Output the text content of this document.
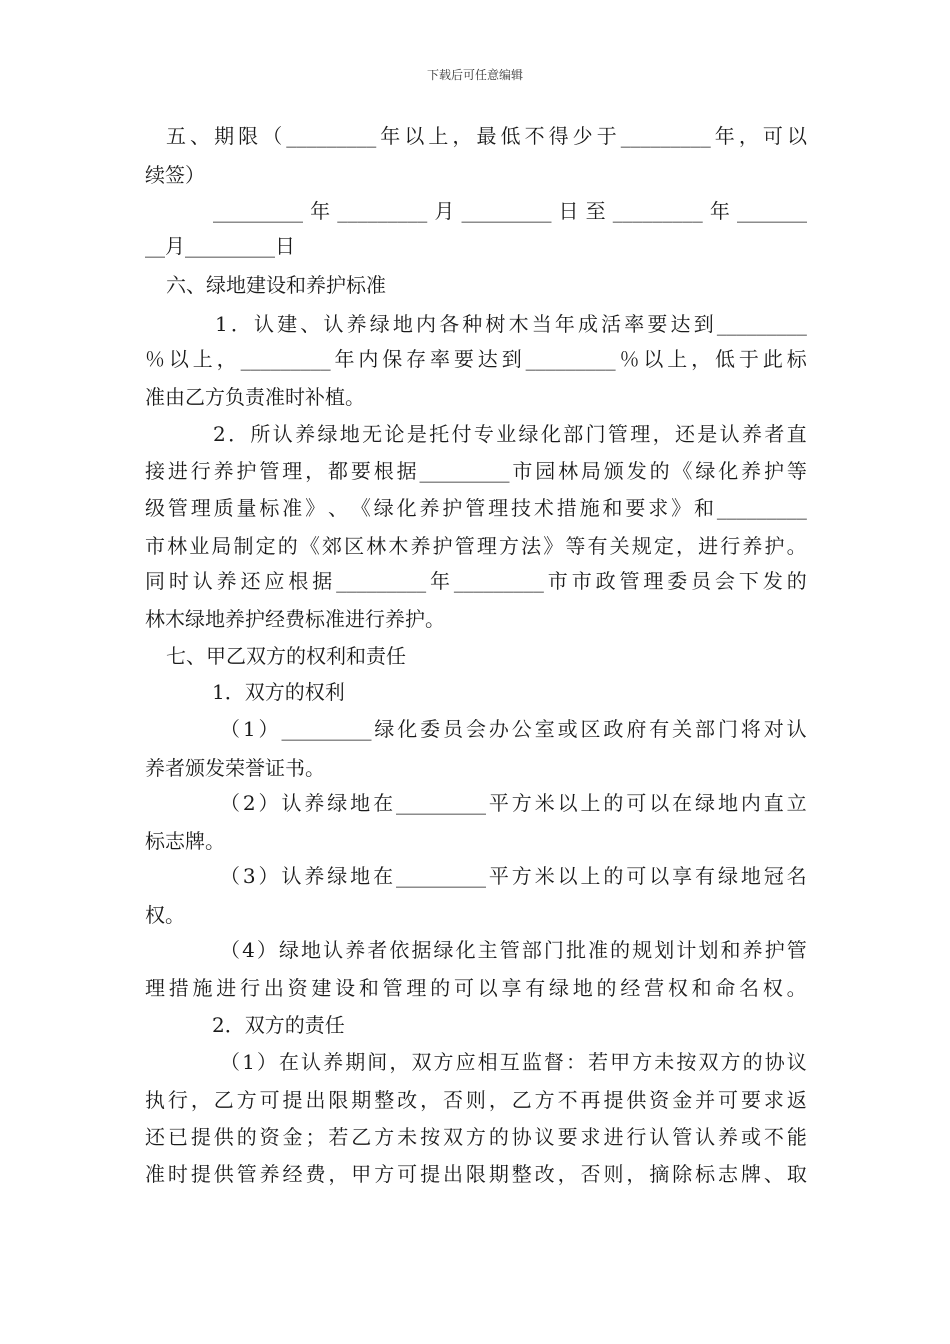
下载后可任意编辑
五 、 期 限 （ _________ 年 以 上 ， 最 低 不 得 少 于 _________ 年 ， 可 以
续签）
_________ 年 _________ 月 _________ 日 至 _________ 年 _______
__月_________日
六、绿地建设和养护标准
1 ． 认 建 、 认 养 绿 地 内 各 种 树 木 当 年 成 活 率 要 达 到 _________
％ 以 上 ， _________ 年 内 保 存 率 要 达 到 _________ ％ 以 上 ， 低 于 此 标
准由乙方负责准时补植。
2 ． 所 认 养 绿 地 无 论 是 托 付 专 业 绿 化 部 门 管 理 ， 还 是 认 养 者 直
接 进 行 养 护 管 理 ， 都 要 根 据 _________ 市 园 林 局 颁 发 的 《 绿 化 养 护 等
级 管 理 质 量 标 准 》 、 《 绿 化 养 护 管 理 技 术 措 施 和 要 求 》 和 _________
市 林 业 局 制 定 的 《 郊 区 林 木 养 护 管 理 方 法 》 等 有 关 规 定 ， 进 行 养 护 。
同 时 认 养 还 应 根 据 _________ 年 _________ 市 市 政 管 理 委 员 会 下 发 的
林木绿地养护经费标准进行养护。
七、甲乙双方的权利和责任
1．双方的权利
（ 1 ） _________ 绿 化 委 员 会 办 公 室 或 区 政 府 有 关 部 门 将 对 认
养者颁发荣誉证书。
（ 2 ） 认 养 绿 地 在 _________ 平 方 米 以 上 的 可 以 在 绿 地 内 直 立
标志牌。
（ 3 ） 认 养 绿 地 在 _________ 平 方 米 以 上 的 可 以 享 有 绿 地 冠 名
权。
（ 4 ） 绿 地 认 养 者 依 据 绿 化 主 管 部 门 批 准 的 规 划 计 划 和 养 护 管
理 措 施 进 行 出 资 建 设 和 管 理 的 可 以 享 有 绿 地 的 经 营 权 和 命 名 权 。
2．双方的责任
（ 1 ） 在 认 养 期 间 ， 双 方 应 相 互 监 督 ： 若 甲 方 未 按 双 方 的 协 议
执 行 ， 乙 方 可 提 出 限 期 整 改 ， 否 则 ， 乙 方 不 再 提 供 资 金 并 可 要 求 返
还 已 提 供 的 资 金 ； 若 乙 方 未 按 双 方 的 协 议 要 求 进 行 认 管 认 养 或 不 能
准 时 提 供 管 养 经 费 ， 甲 方 可 提 出 限 期 整 改 ， 否 则 ， 摘 除 标 志 牌 、 取
